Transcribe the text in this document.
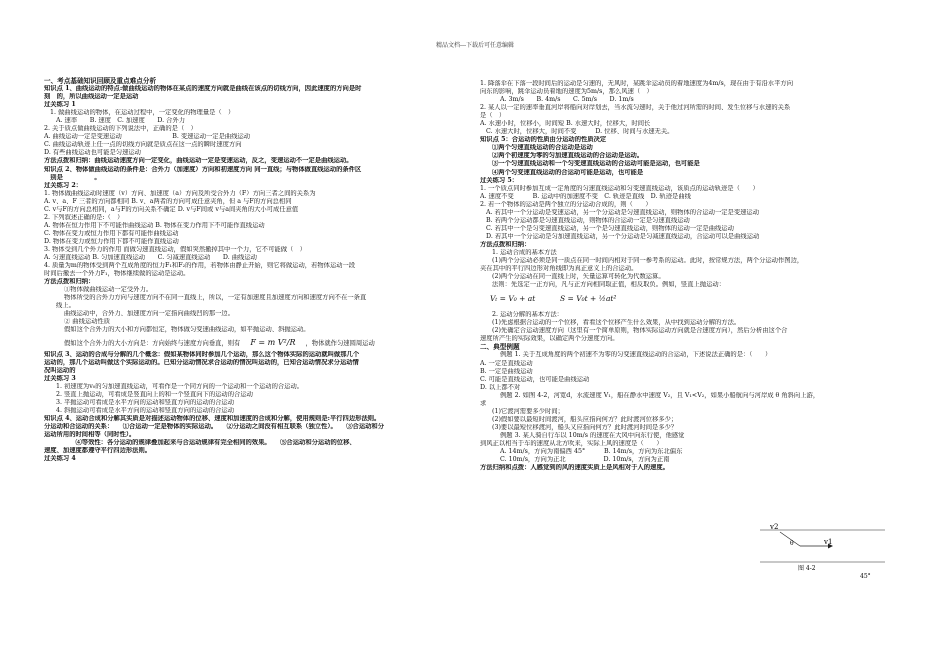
精品文档---下载后可任意编辑
一、考点基础知识回顾及重点难点分析
知识点 1、曲线运动的特点:做曲线运动的物体在某点的速度方向就是曲线在该点的切线方向，因此速度的方向是时
刻　的，所以曲线运动一定是运动
过关练习 1
1. 做曲线运动的物体，在运动过程中，一定变化的物理量是（　）
A. 速率　　B. 速度　C. 加速度　　D. 合外力
2. 关于质点做曲线运动的下列说法中，正确的是（　）
A. 曲线运动一定是变速运动　　　　　　　　B. 变速运动一定是曲线运动
C. 曲线运动轨迹上任一点的切线方向就是质点在这一点的瞬时速度方向
D. 有些曲线运动也可能是匀速运动
方法点拨和归纳：曲线运动速度方向一定变化，曲线运动一定是变速运动，反之，变速运动不一定是曲线运动。
知识点 2、物体做曲线运动的条件是：合外力（加速度）方向和初速度方向 同一直线；与物体做直线运动的条件区
　别是　　　　　。
过关练习 2：
1. 物体做曲线运动时速度（v）方向、加速度（a）方向及所受合外力（F）方向三者之间的关系为
A. v、a、F 三者的方向都相同 B. v、a两者的方向可成任意夹角，但 a 与F的方向总相同
C. v与F的方向总相同，a与F的方向关系不确定 D. v与F间或 v与a间夹角的大小可成任意值
2. 下列叙述正确的是:（　）
A. 物体在恒力作用下不可能作曲线运动 B. 物体在变力作用下不可能作直线运动
C. 物体在变力或恒力作用下都有可能作曲线运动
D. 物体在变力或恒力作用下都不可能作直线运动
3. 物体受到几个外力的作用 而做匀速直线运动，假如突然撤掉其中一个力，它不可能做（　）
A. 匀速直线运动 B. 匀加速直线运动　　C. 匀减速直线运动　　D. 曲线运动
4. 质量为m的物体受到两个互成角度的恒力F₁和F₂的作用，若物体由静止开始，则它将做运动，若物体运动一段
时间后撤去一个外力F₁，物体继续做的运动是运动。
方法点拨和归纳：
①物体做曲线运动一定受外力。
物体所受的合外力方向与速度方向不在同一直线上，所以，一定有加速度且加速度方向和速度方向不在一条直
线上。
曲线运动中，合外力、加速度方向一定指向曲线凹的那一边。
② 曲线运动性质
假如这个合外力的大小和方向都恒定，物体做匀变速曲线运动，如平抛运动、斜抛运动。
假如这个合外力的大小方向是：方向始终与速度方向垂直，则有 F = m V²/R ，物体就作匀速圆周运动
知识点 3、运动的合成与分解的几个概念：假如某物体同时参加几个运动，那么这个物体实际的运动就叫做那几个
运动的，那几个运动叫做这个实际运动的。已知分运动情况求合运动的情况叫运动的，已知合运动情况求分运动情
况叫运动的
过关练习 3
1. 初速度为v₀的匀加速直线运动，可看作是一个同方向的一个运动和一个运动的合运动。
2. 竖直上抛运动，可看成是竖直向上的和一个竖直向下的运动的合运动
3. 平抛运动可看成是水平方向的运动和竖直方向的运动的合运动
4. 斜抛运动可看成是水平方向的运动和竖直方向的运动的合运动
知识点 4、运动合成和分解其实质是对描述运动物体的位移、速度和加速度的合成和分解，使用规则是:平行四边形法则。
分运动和合运动的关系：　　①合运动一定是物体的实际运动。　　②分运动之间没有相互联系（独立性）。　　③合运动和分
运动所用的时间相等（同时性）。
　　　　　④等效性：各分运动的规律叠加起来与合运动规律有完全相同的效果。　　⑤合运动和分运动的位移、
速度、加速度都遵守平行四边形法则。
过关练习 4
1. 降落伞在下落一段时间后的运动是匀速的，无风时，某跳伞运动员的着地速度为4m/s，现在由于有沿水平方向
向东的影响，跳伞运动员着地的速度为5m/s，那么风速（　）
A. 3m/s　　B. 4m/s　　C. 5m/s　　D. 1m/s
2. 某人以一定的速率垂直河岸将船向对岸划去，当水流匀速时，关于他过河所需的时间、发生位移与水速的关系
是（　）
A. 水速小时，位移小，时间短 B. 水速大时，位移大，时间长
C. 水速大时，位移大，时间不变　　　D. 位移、时间与水速无关。
知识点 5：合运动的性质由分运动的性质决定
①两个匀速直线运动的合运动是运动
②两个初速度为零的匀加速直线运动的合运动是运动。
③一个匀速直线运动和一个匀变速直线运动的合运动可能是运动，也可能是
④两个匀变速直线运动的合运动可能是运动，也可能是
过关练习 5：
1. 一个质点同时参加互成一定角度的匀速直线运动和匀变速直线运动，该质点的运动轨迹是（　　）
A. 速度不变　　　B. 运动中的加速度不变　C. 轨迹是直线　D. 轨迹是曲线
2. 若一个物体的运动是两个独立的分运动合成的，则（　　）
A. 若其中一个分运动是变速运动，另一个分运动是匀速直线运动，则物体的合运动一定是变速运动
B. 若两个分运动都是匀速直线运动，则物体的合运动一定是匀速直线运动
C. 若其中一个是匀变速直线运动，另一个是匀速直线运动，则物体的运动一定是曲线运动
D. 若其中一个分运动是匀加速直线运动，另一个分运动是匀减速直线运动，合运动可以是曲线运动
方法点拨和归纳：
1. 运动合成的基本方法
(1)两个分运动必须是同一质点在同一时间内相对于同一参考系的运动。此时，按常规方法，两个分运动作图边，
夹在其中的平行四边形对角线即为真正意义上的合运动。
(2)两个分运动在同一直线上时，矢量运算可转化为代数运算。
法则：先选定一正方向，凡与正方向相同取正值，相反取负。例如，竖直上抛运动：
Vₜ = V₀ + at	S = V₀t + ½at²
2. 运动分解的基本方法：
(1)先虑根据合运动的一个位移，看看这个位移产生什么效果，从中找到运动分解的方法。
(2)先确定合运动速度方向（这里有一个简单原则，物体实际运动方向就是合速度方向），然后分析由这个合
速度所产生的实际效果，以确定两个分速度方向。
二、典型例题
例题 1. 关于互成角度的两个初速不为零的匀变速直线运动的合运动，下述说法正确的是：（　　）
A. 一定是直线运动
B. 一定是曲线运动
C. 可能是直线运动，也可能是曲线运动
D. 以上都不对
例题 2. 如图 4-2，河宽d，水流速度 V₁，船在静水中速度 V₂，且 V₁<V₂，如果小船航向与河岸成 θ 角斜向上游，
求
(1)它渡河需要多少时间；
(2)假如要以最短时间渡河，船头应指向何方？此时渡河位移多少；
(3)要以最短位移渡河，船头又应指向何方？此时渡河时间是多少？
例题 3. 某人骑自行车以 10m/s 的速度在大风中向东行使，他感觉
到风正以相当于车的速度从北方吹来，实际上风的速度是（　　）
A. 14m/s，方向为南偏西 45°　　　B. 14m/s，方向为东北偏东
C. 10m/s，方向为正北　　　　　　D. 10m/s，方向为正南
方法归纳和点拨：人感觉到的风的速度实质上是风相对于人的速度。
v2
v1
θ
图 4-2
45°
